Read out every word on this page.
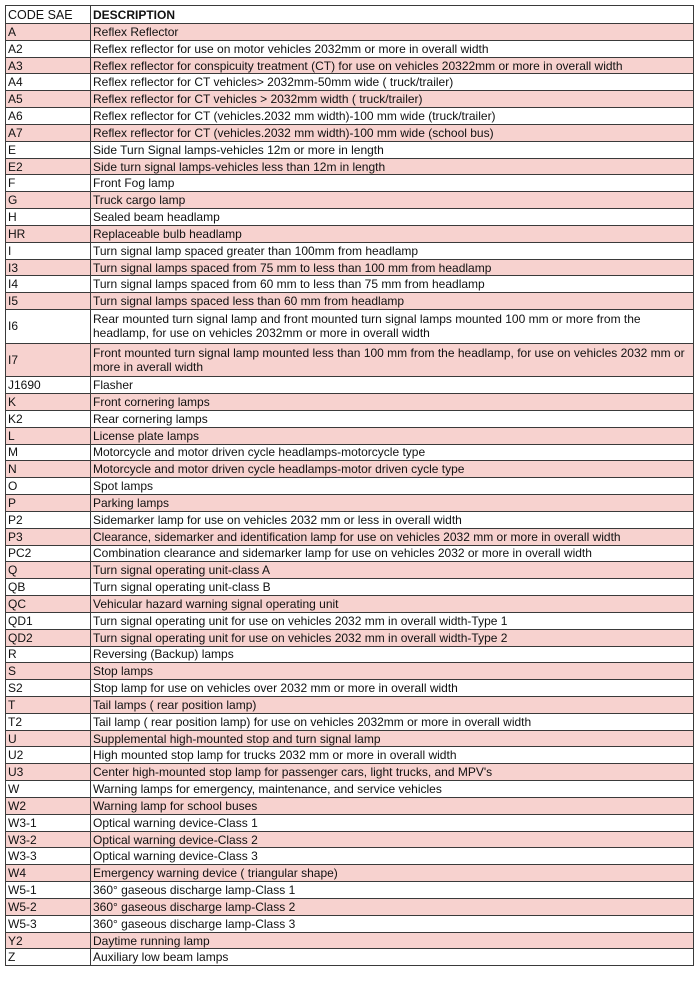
CODE SAE	DESCRIPTION
A	Reflex Reflector
A2	Reflex reflector for use on motor vehicles 2032mm or more in overall width
A3	Reflex reflector for conspicuity treatment (CT) for use on vehicles 20322mm or more in overall width
A4	Reflex reflector for CT vehicles> 2032mm-50mm wide ( truck/trailer)
A5	Reflex reflector for CT vehicles > 2032mm width ( truck/trailer)
A6	Reflex reflector for CT (vehicles.2032 mm width)-100 mm wide (truck/trailer)
A7	Reflex reflector for CT (vehicles.2032 mm width)-100 mm wide (school bus)
E	Side Turn Signal lamps-vehicles 12m or more in length
E2	Side turn signal lamps-vehicles less than 12m in length
F	Front Fog lamp
G	Truck cargo lamp
H	Sealed beam headlamp
HR	Replaceable bulb headlamp
I	Turn signal lamp spaced greater than 100mm from headlamp
I3	Turn signal lamps spaced from 75 mm to less than 100 mm from headlamp
I4	Turn signal lamps spaced from 60 mm to less than 75 mm from headlamp
I5	Turn signal lamps spaced less than 60 mm from headlamp
I6	Rear mounted turn signal lamp and front mounted turn signal lamps mounted 100 mm or more from the headlamp, for use on vehicles 2032mm or more in overall width
I7	Front mounted turn signal lamp mounted less than 100 mm from the headlamp, for use on vehicles 2032 mm or more in averall width
J1690	Flasher
K	Front cornering lamps
K2	Rear cornering lamps
L	License plate lamps
M	Motorcycle and motor driven cycle headlamps-motorcycle type
N	Motorcycle and motor driven cycle headlamps-motor driven cycle type
O	Spot lamps
P	Parking lamps
P2	Sidemarker lamp for use on vehicles 2032 mm or less in overall width
P3	Clearance, sidemarker and identification lamp for use on vehicles 2032 mm or more in overall width
PC2	Combination clearance and sidemarker lamp for use on vehicles 2032 or more in overall width
Q	Turn signal operating unit-class A
QB	Turn signal operating unit-class B
QC	Vehicular hazard warning signal operating unit
QD1	Turn signal operating unit for use on vehicles 2032 mm in overall width-Type 1
QD2	Turn signal operating unit for use on vehicles 2032 mm in overall width-Type 2
R	Reversing (Backup) lamps
S	Stop lamps
S2	Stop lamp for use on vehicles over 2032 mm or more in overall width
T	Tail lamps ( rear position lamp)
T2	Tail lamp ( rear position lamp) for use on vehicles 2032mm or more in overall width
U	Supplemental high-mounted stop and turn signal lamp
U2	High mounted stop lamp for trucks 2032 mm or more in overall width
U3	Center high-mounted stop lamp for passenger cars, light trucks, and MPV's
W	Warning lamps for emergency, maintenance, and service vehicles
W2	Warning lamp for school buses
W3-1	Optical warning device-Class 1
W3-2	Optical warning device-Class 2
W3-3	Optical warning device-Class 3
W4	Emergency warning device ( triangular shape)
W5-1	360° gaseous discharge lamp-Class 1
W5-2	360° gaseous discharge lamp-Class 2
W5-3	360° gaseous discharge lamp-Class 3
Y2	Daytime running lamp
Z	Auxiliary low beam lamps
